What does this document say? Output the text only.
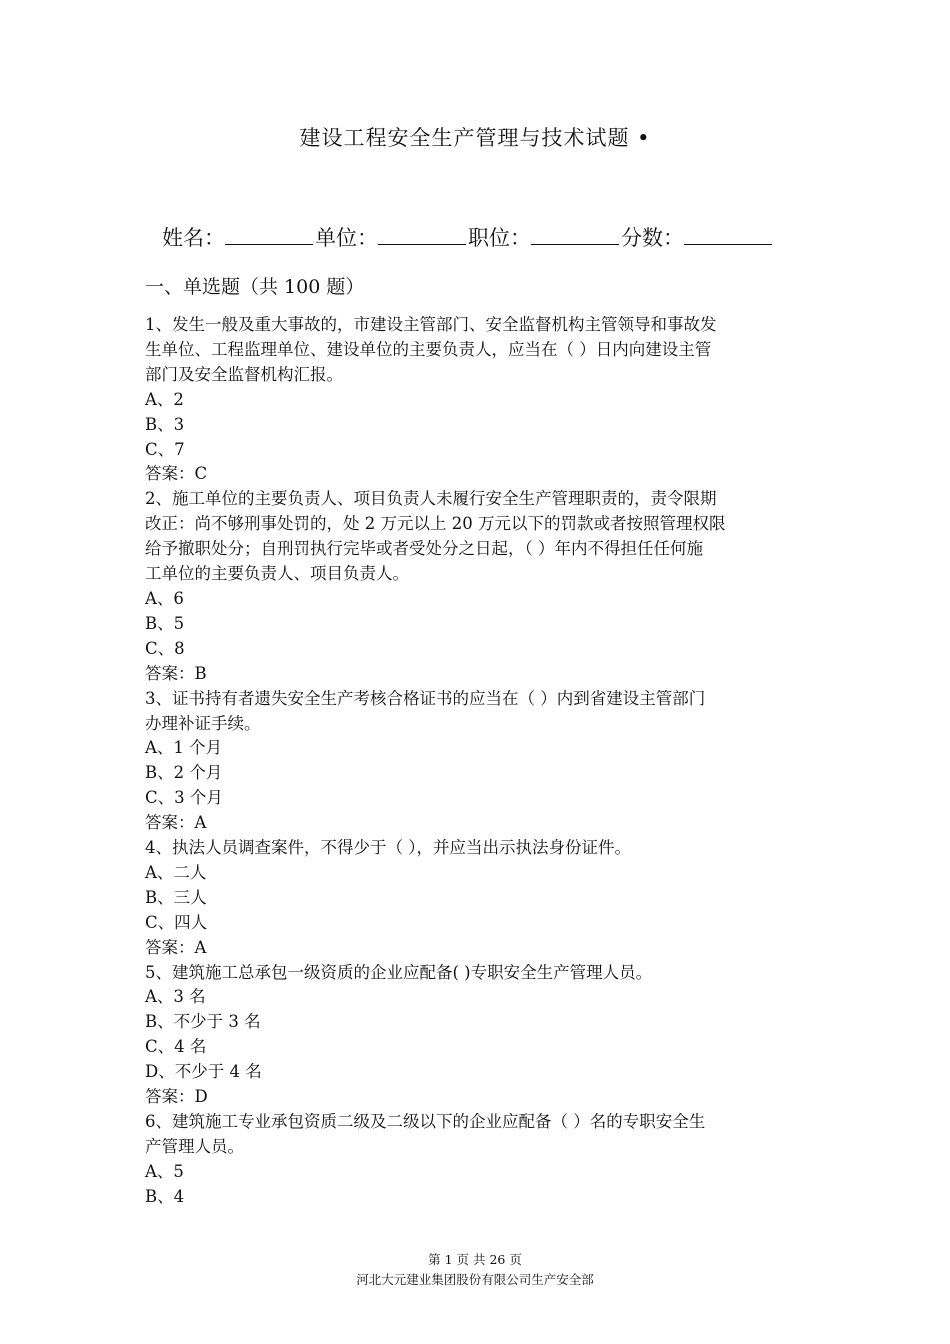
建设工程安全生产管理与技术试题 •
姓名：	单位：	职位：	分数：
一、单选题（共 100 题）

1、发生一般及重大事故的，市建设主管部门、安全监督机构主管领导和事故发

生单位、工程监理单位、建设单位的主要负责人，应当在（ ）日内向建设主管

部门及安全监督机构汇报。

A、2

B、3

C、7

答案：C

2、施工单位的主要负责人、项目负责人未履行安全生产管理职责的，责令限期

改正：尚不够刑事处罚的，处 2 万元以上 20 万元以下的罚款或者按照管理权限

给予撤职处分；自刑罚执行完毕或者受处分之日起，（ ）年内不得担任任何施

工单位的主要负责人、项目负责人。

A、6

B、5

C、8

答案：B

3、证书持有者遗失安全生产考核合格证书的应当在（ ）内到省建设主管部门

办理补证手续。

A、1 个月

B、2 个月

C、3 个月

答案：A

4、执法人员调查案件，不得少于（ ），并应当出示执法身份证件。

A、二人

B、三人

C、四人

答案：A

5、建筑施工总承包一级资质的企业应配备( )专职安全生产管理人员。

A、3 名

B、不少于 3 名

C、4 名

D、不少于 4 名

答案：D

6、建筑施工专业承包资质二级及二级以下的企业应配备（ ）名的专职安全生

产管理人员。

A、5

B、4

第 1 页 共 26 页
河北大元建业集团股份有限公司生产安全部
